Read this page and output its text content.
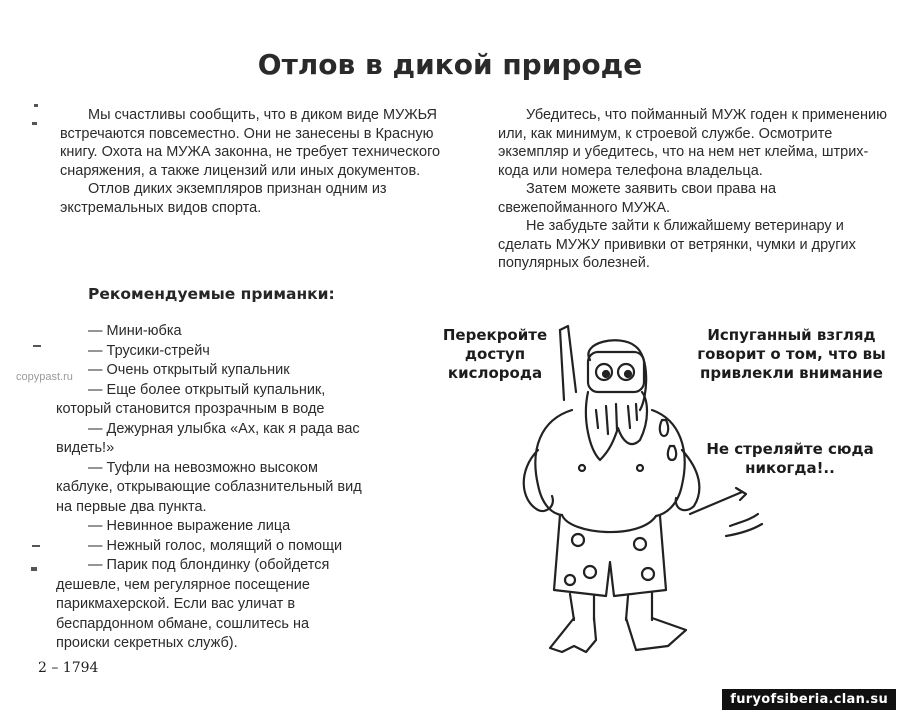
Отлов в дикой природе

Мы счастливы сообщить, что в диком виде МУЖЬЯ встречаются повсеместно. Они не занесены в Красную книгу. Охота на МУЖА законна, не требует технического снаряжения, а также лицензий или иных документов.

Отлов диких экземпляров признан одним из экстремальных видов спорта.

Убедитесь, что пойманный МУЖ годен к применению или, как минимум, к строевой службе. Осмотрите экземпляр и убедитесь, что на нем нет клейма, штрих-кода или номера телефона владельца.

Затем можете заявить свои права на свежепойманного МУЖА.

Не забудьте зайти к ближайшему ветеринару и сделать МУЖУ прививки от ветрянки, чумки и других популярных болезней.

Рекомендуемые приманки:

— Мини-юбка

— Трусики-стрейч

— Очень открытый купальник

— Еще более открытый купальник, который становится прозрачным в воде

— Дежурная улыбка «Ах, как я рада вас видеть!»

— Туфли на невозможно высоком каблуке, открывающие соблазнительный вид на первые два пункта.

— Невинное выражение лица

— Нежный голос, молящий о помощи

— Парик под блондинку (обойдется дешевле, чем регулярное посещение парикмахерской. Если вас уличат в беспардонном обмане, сошлитесь на происки секретных служб).

copypast.ru
Перекройте доступ кислорода
Испуганный взгляд говорит о том, что вы привлекли внимание
Не стреляйте сюда никогда!..
2 – 1794
furyofsiberia.clan.su
